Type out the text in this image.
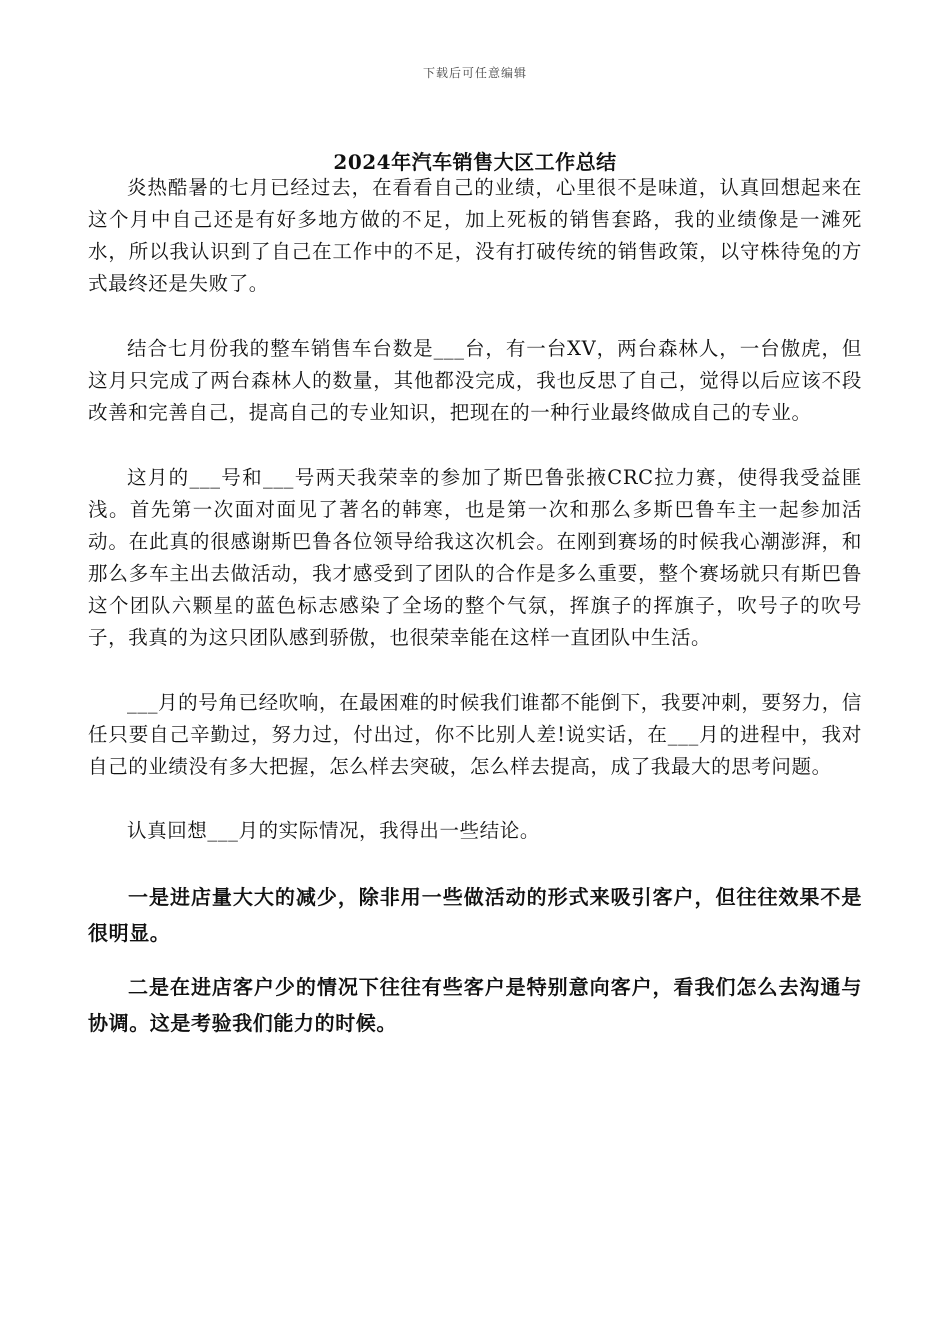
下载后可任意编辑
2024年汽车销售大区工作总结

炎热酷暑的七月已经过去，在看看自己的业绩，心里很不是味道，认真回想起来在这个月中自己还是有好多地方做的不足，加上死板的销售套路，我的业绩像是一滩死水，所以我认识到了自己在工作中的不足，没有打破传统的销售政策，以守株待兔的方式最终还是失败了。

结合七月份我的整车销售车台数是___台，有一台XV，两台森林人，一台傲虎，但这月只完成了两台森林人的数量，其他都没完成，我也反思了自己，觉得以后应该不段改善和完善自己，提高自己的专业知识，把现在的一种行业最终做成自己的专业。

这月的___号和___号两天我荣幸的参加了斯巴鲁张掖CRC拉力赛，使得我受益匪浅。首先第一次面对面见了著名的韩寒，也是第一次和那么多斯巴鲁车主一起参加活动。在此真的很感谢斯巴鲁各位领导给我这次机会。在刚到赛场的时候我心潮澎湃，和那么多车主出去做活动，我才感受到了团队的合作是多么重要，整个赛场就只有斯巴鲁这个团队六颗星的蓝色标志感染了全场的整个气氛，挥旗子的挥旗子，吹号子的吹号子，我真的为这只团队感到骄傲，也很荣幸能在这样一直团队中生活。

___月的号角已经吹响，在最困难的时候我们谁都不能倒下，我要冲刺，要努力，信任只要自己辛勤过，努力过，付出过，你不比别人差!说实话，在___月的进程中，我对自己的业绩没有多大把握，怎么样去突破，怎么样去提高，成了我最大的思考问题。

认真回想___月的实际情况，我得出一些结论。

一是进店量大大的减少，除非用一些做活动的形式来吸引客户，但往往效果不是很明显。

二是在进店客户少的情况下往往有些客户是特别意向客户，看我们怎么去沟通与协调。这是考验我们能力的时候。
